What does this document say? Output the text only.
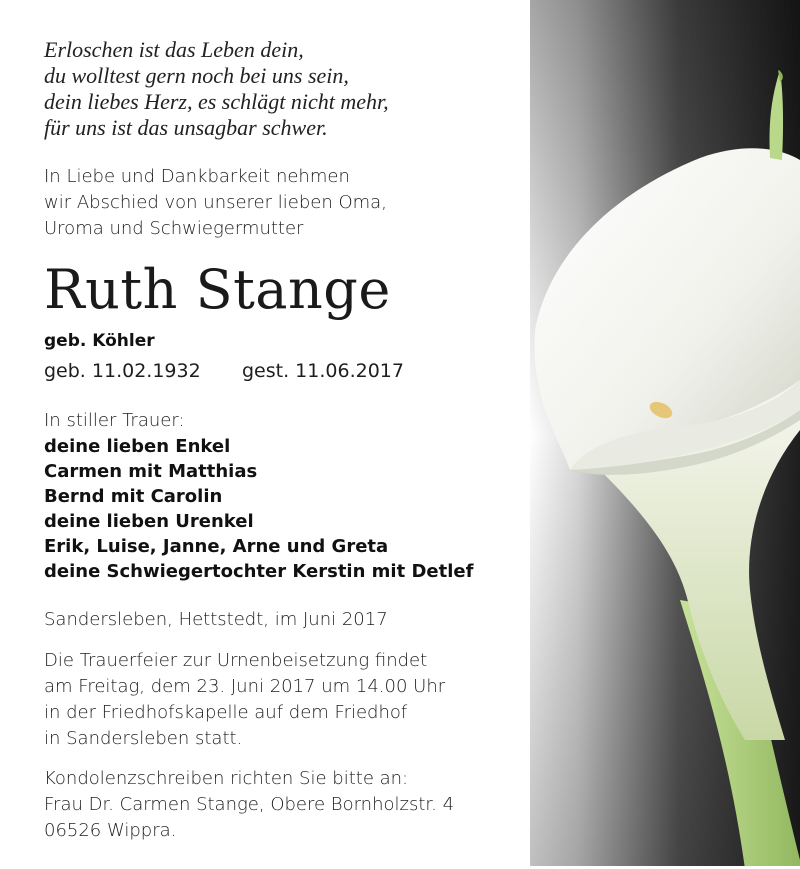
Erloschen ist das Leben dein,
du wolltest gern noch bei uns sein,
dein liebes Herz, es schlägt nicht mehr,
für uns ist das unsagbar schwer.
In Liebe und Dankbarkeit nehmen
wir Abschied von unserer lieben Oma,
Uroma und Schwiegermutter
Ruth Stange
geb. Köhler
geb. 11.02.1932 gest. 11.06.2017
In stiller Trauer:
deine lieben Enkel
Carmen mit Matthias
Bernd mit Carolin
deine lieben Urenkel
Erik, Luise, Janne, Arne und Greta
deine Schwiegertochter Kerstin mit Detlef
Sandersleben, Hettstedt, im Juni 2017
Die Trauerfeier zur Urnenbeisetzung findet
am Freitag, dem 23. Juni 2017 um 14.00 Uhr
in der Friedhofskapelle auf dem Friedhof
in Sandersleben statt.
Kondolenzschreiben richten Sie bitte an:
Frau Dr. Carmen Stange, Obere Bornholzstr. 4
06526 Wippra.
